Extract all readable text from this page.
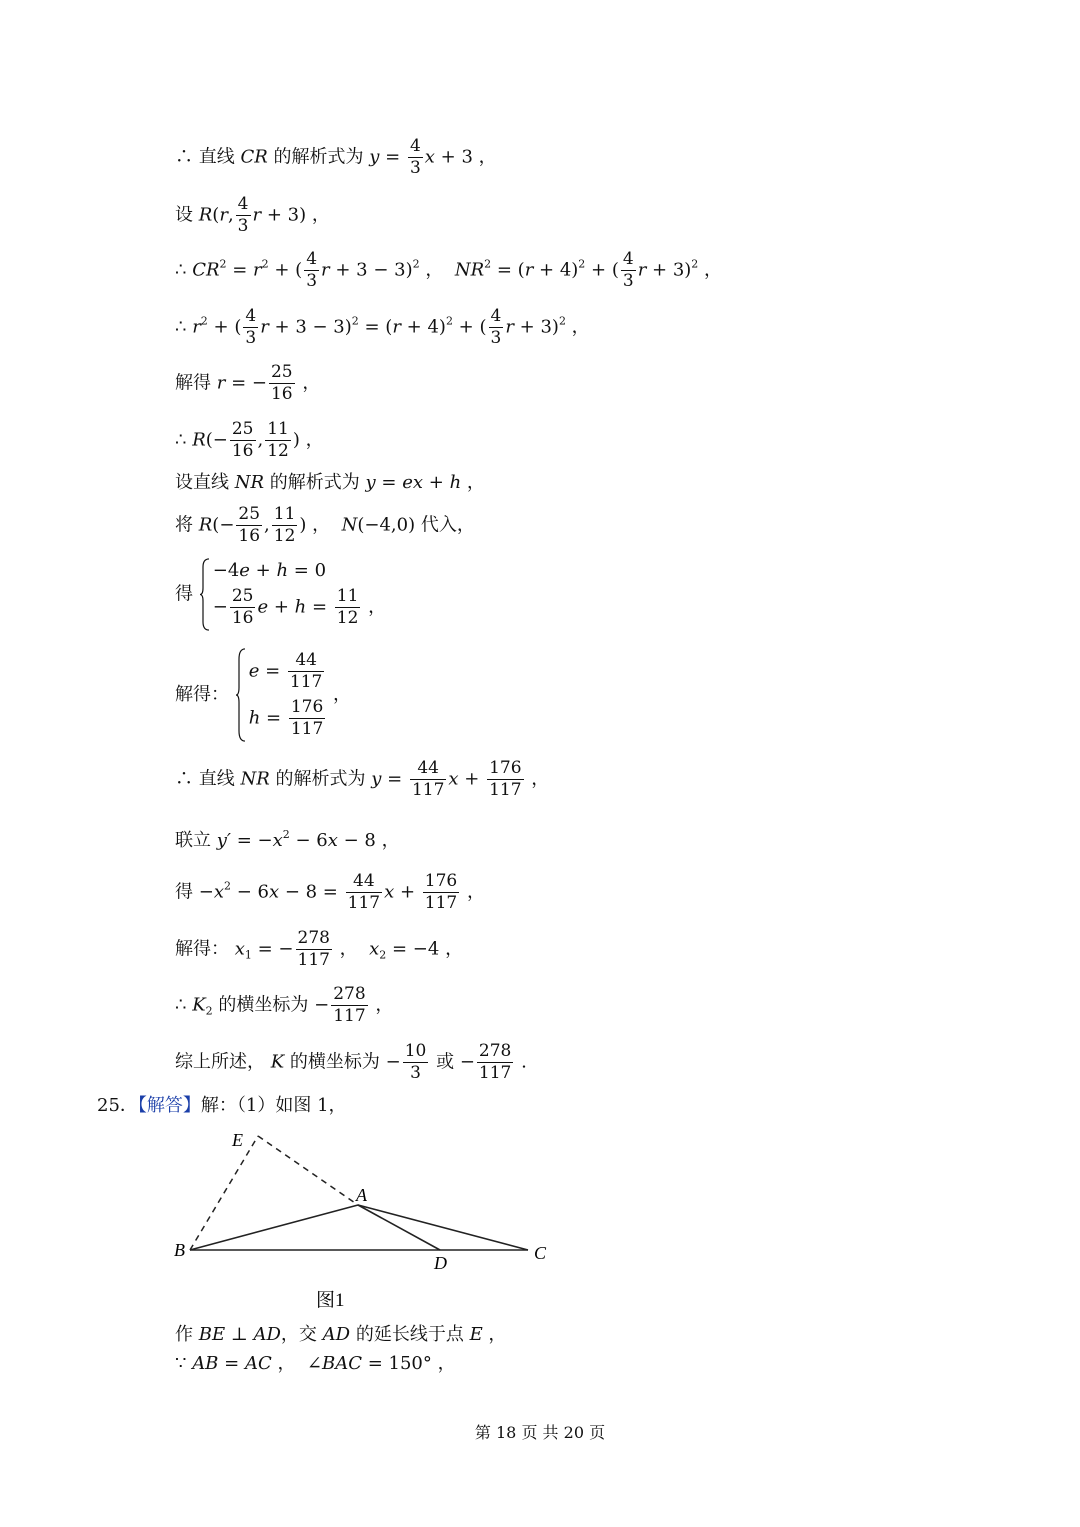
∴ 直线 CR 的解析式为 $y = \frac{4}{3}$ x + 3 ，
设 R(r, $\frac{4}{3}$ r + 3) ，
∴ $CR^2 = r^2$ + ( $\frac{4}{3}$ r + 3 − 3)$^2$ ，  $NR^2 = (r + 4)^2$ + ( $\frac{4}{3}$ r + 3)$^2$ ，
∴ $r^2$ + ( $\frac{4}{3}$ $r + 3 - 3)^2 = (r + 4)^2$ + ( $\frac{4}{3}$ r + 3)$^2$ ，
解得 r = − $\frac{25}{16}$ ，
∴ $R(- \frac{25}{16}$ , $\frac{11}{12}$ ) ，
设直线 NR 的解析式为 y = ex + h ，
将 $R(- \frac{25}{16}$ , $\frac{11}{12}$ ) ，  N(−4,0) 代入，
得
−4e + h = 0
− $\frac{25}{16}$ $e + h = \frac{11}{12}$ ，
解得：
$e = \frac{44}{117}$
$h = \frac{176}{117}$
，
∴ 直线 NR 的解析式为 $y = \frac{44}{117}$ $x + \frac{176}{117}$ ，
联立 $y' = -x^2 - 6x - 8$ ，
得 $-x^2 - 6x - 8 = \frac{44}{117}$ $x + \frac{176}{117}$ ，
解得： $x_1$ = − $\frac{278}{117}$ ，  $x_2 = -4$ ，
∴ $K_2$ 的横坐标为 − $\frac{278}{117}$ ，
综上所述， K 的横坐标为 − $\frac{10}{3}$ 或 − $\frac{278}{117}$ .
25．【解答】解：（1）如图 1，
E
A
B
D	C
图1
作 BE ⊥ AD，交 AD 的延长线于点 E ，
∵ AB = AC ，  ∠BAC = 150° ，
第 18 页 共 20 页
